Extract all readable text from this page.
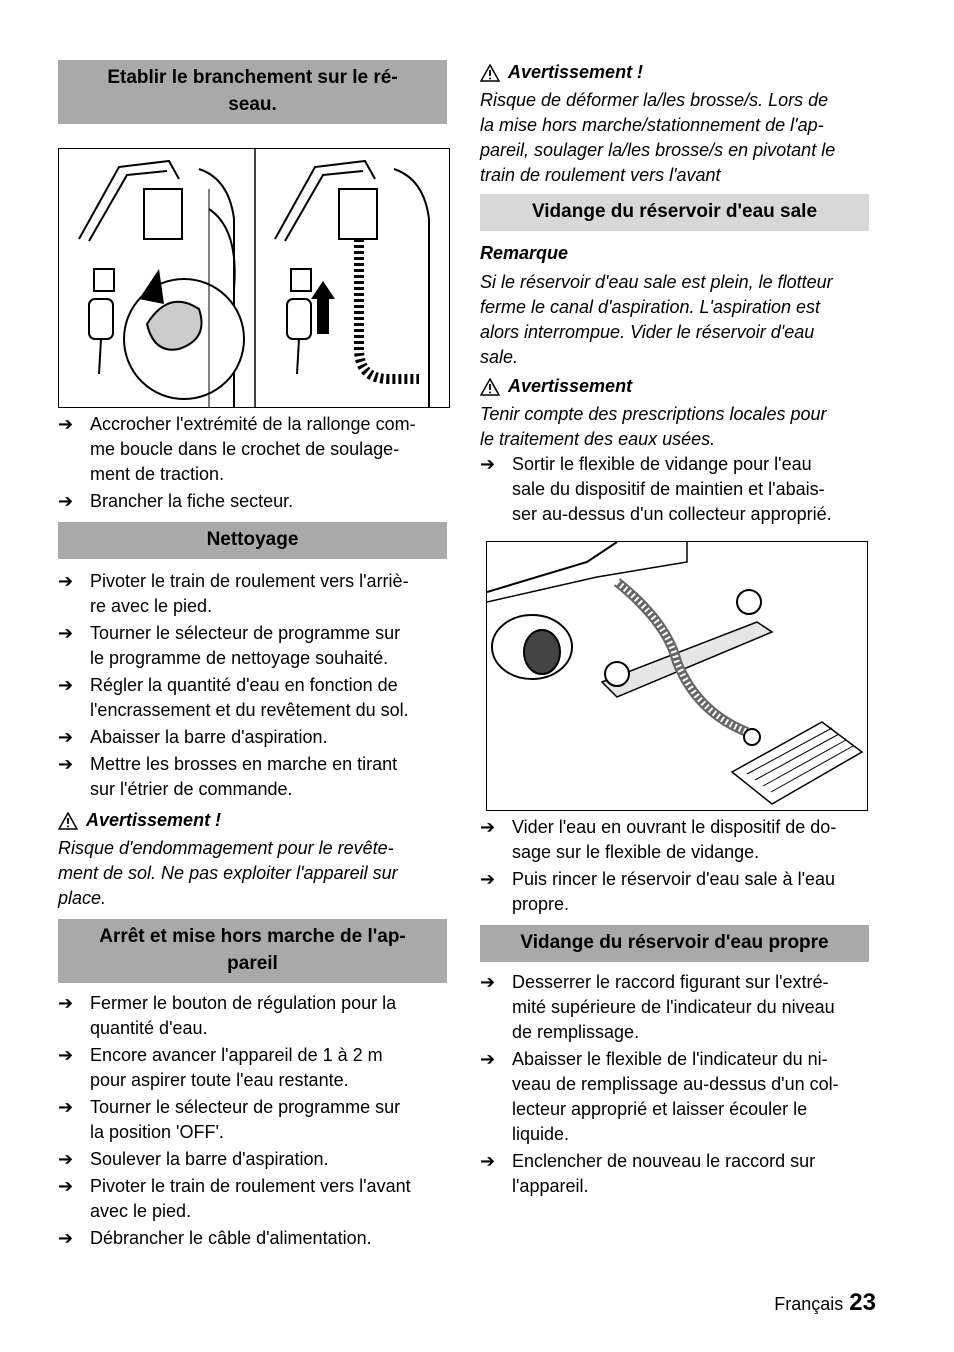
Etablir le branchement sur le ré-
seau.
➔ Accrocher l'extrémité de la rallonge com-
me boucle dans le crochet de soulage-
ment de traction.
➔ Brancher la fiche secteur.
Nettoyage
➔ Pivoter le train de roulement vers l'arriè-
re avec le pied.
➔ Tourner le sélecteur de programme sur
le programme de nettoyage souhaité.
➔ Régler la quantité d'eau en fonction de
l'encrassement et du revêtement du sol.
➔ Abaisser la barre d'aspiration.
➔ Mettre les brosses en marche en tirant
sur l'étrier de commande.
Avertissement !
Risque d'endommagement pour le revête-
ment de sol. Ne pas exploiter l'appareil sur
place.
Arrêt et mise hors marche de l'ap-
pareil
➔ Fermer le bouton de régulation pour la
quantité d'eau.
➔ Encore avancer l'appareil de 1 à 2 m
pour aspirer toute l'eau restante.
➔ Tourner le sélecteur de programme sur
la position 'OFF'.
➔ Soulever la barre d'aspiration.
➔ Pivoter le train de roulement vers l'avant
avec le pied.
➔ Débrancher le câble d'alimentation.
Avertissement !
Risque de déformer la/les brosse/s. Lors de
la mise hors marche/stationnement de l'ap-
pareil, soulager la/les brosse/s en pivotant le
train de roulement vers l'avant
Vidange du réservoir d'eau sale
Remarque
Si le réservoir d'eau sale est plein, le flotteur
ferme le canal d'aspiration. L'aspiration est
alors interrompue. Vider le réservoir d'eau
sale.
Avertissement
Tenir compte des prescriptions locales pour
le traitement des eaux usées.
➔ Sortir le flexible de vidange pour l'eau
sale du dispositif de maintien et l'abais-
ser au-dessus d'un collecteur approprié.
➔ Vider l'eau en ouvrant le dispositif de do-
sage sur le flexible de vidange.
➔ Puis rincer le réservoir d'eau sale à l'eau
propre.
Vidange du réservoir d'eau propre
➔ Desserrer le raccord figurant sur l'extré-
mité supérieure de l'indicateur du niveau
de remplissage.
➔ Abaisser le flexible de l'indicateur du ni-
veau de remplissage au-dessus d'un col-
lecteur approprié et laisser écouler le
liquide.
➔ Enclencher de nouveau le raccord sur
l'appareil.
Français 23
